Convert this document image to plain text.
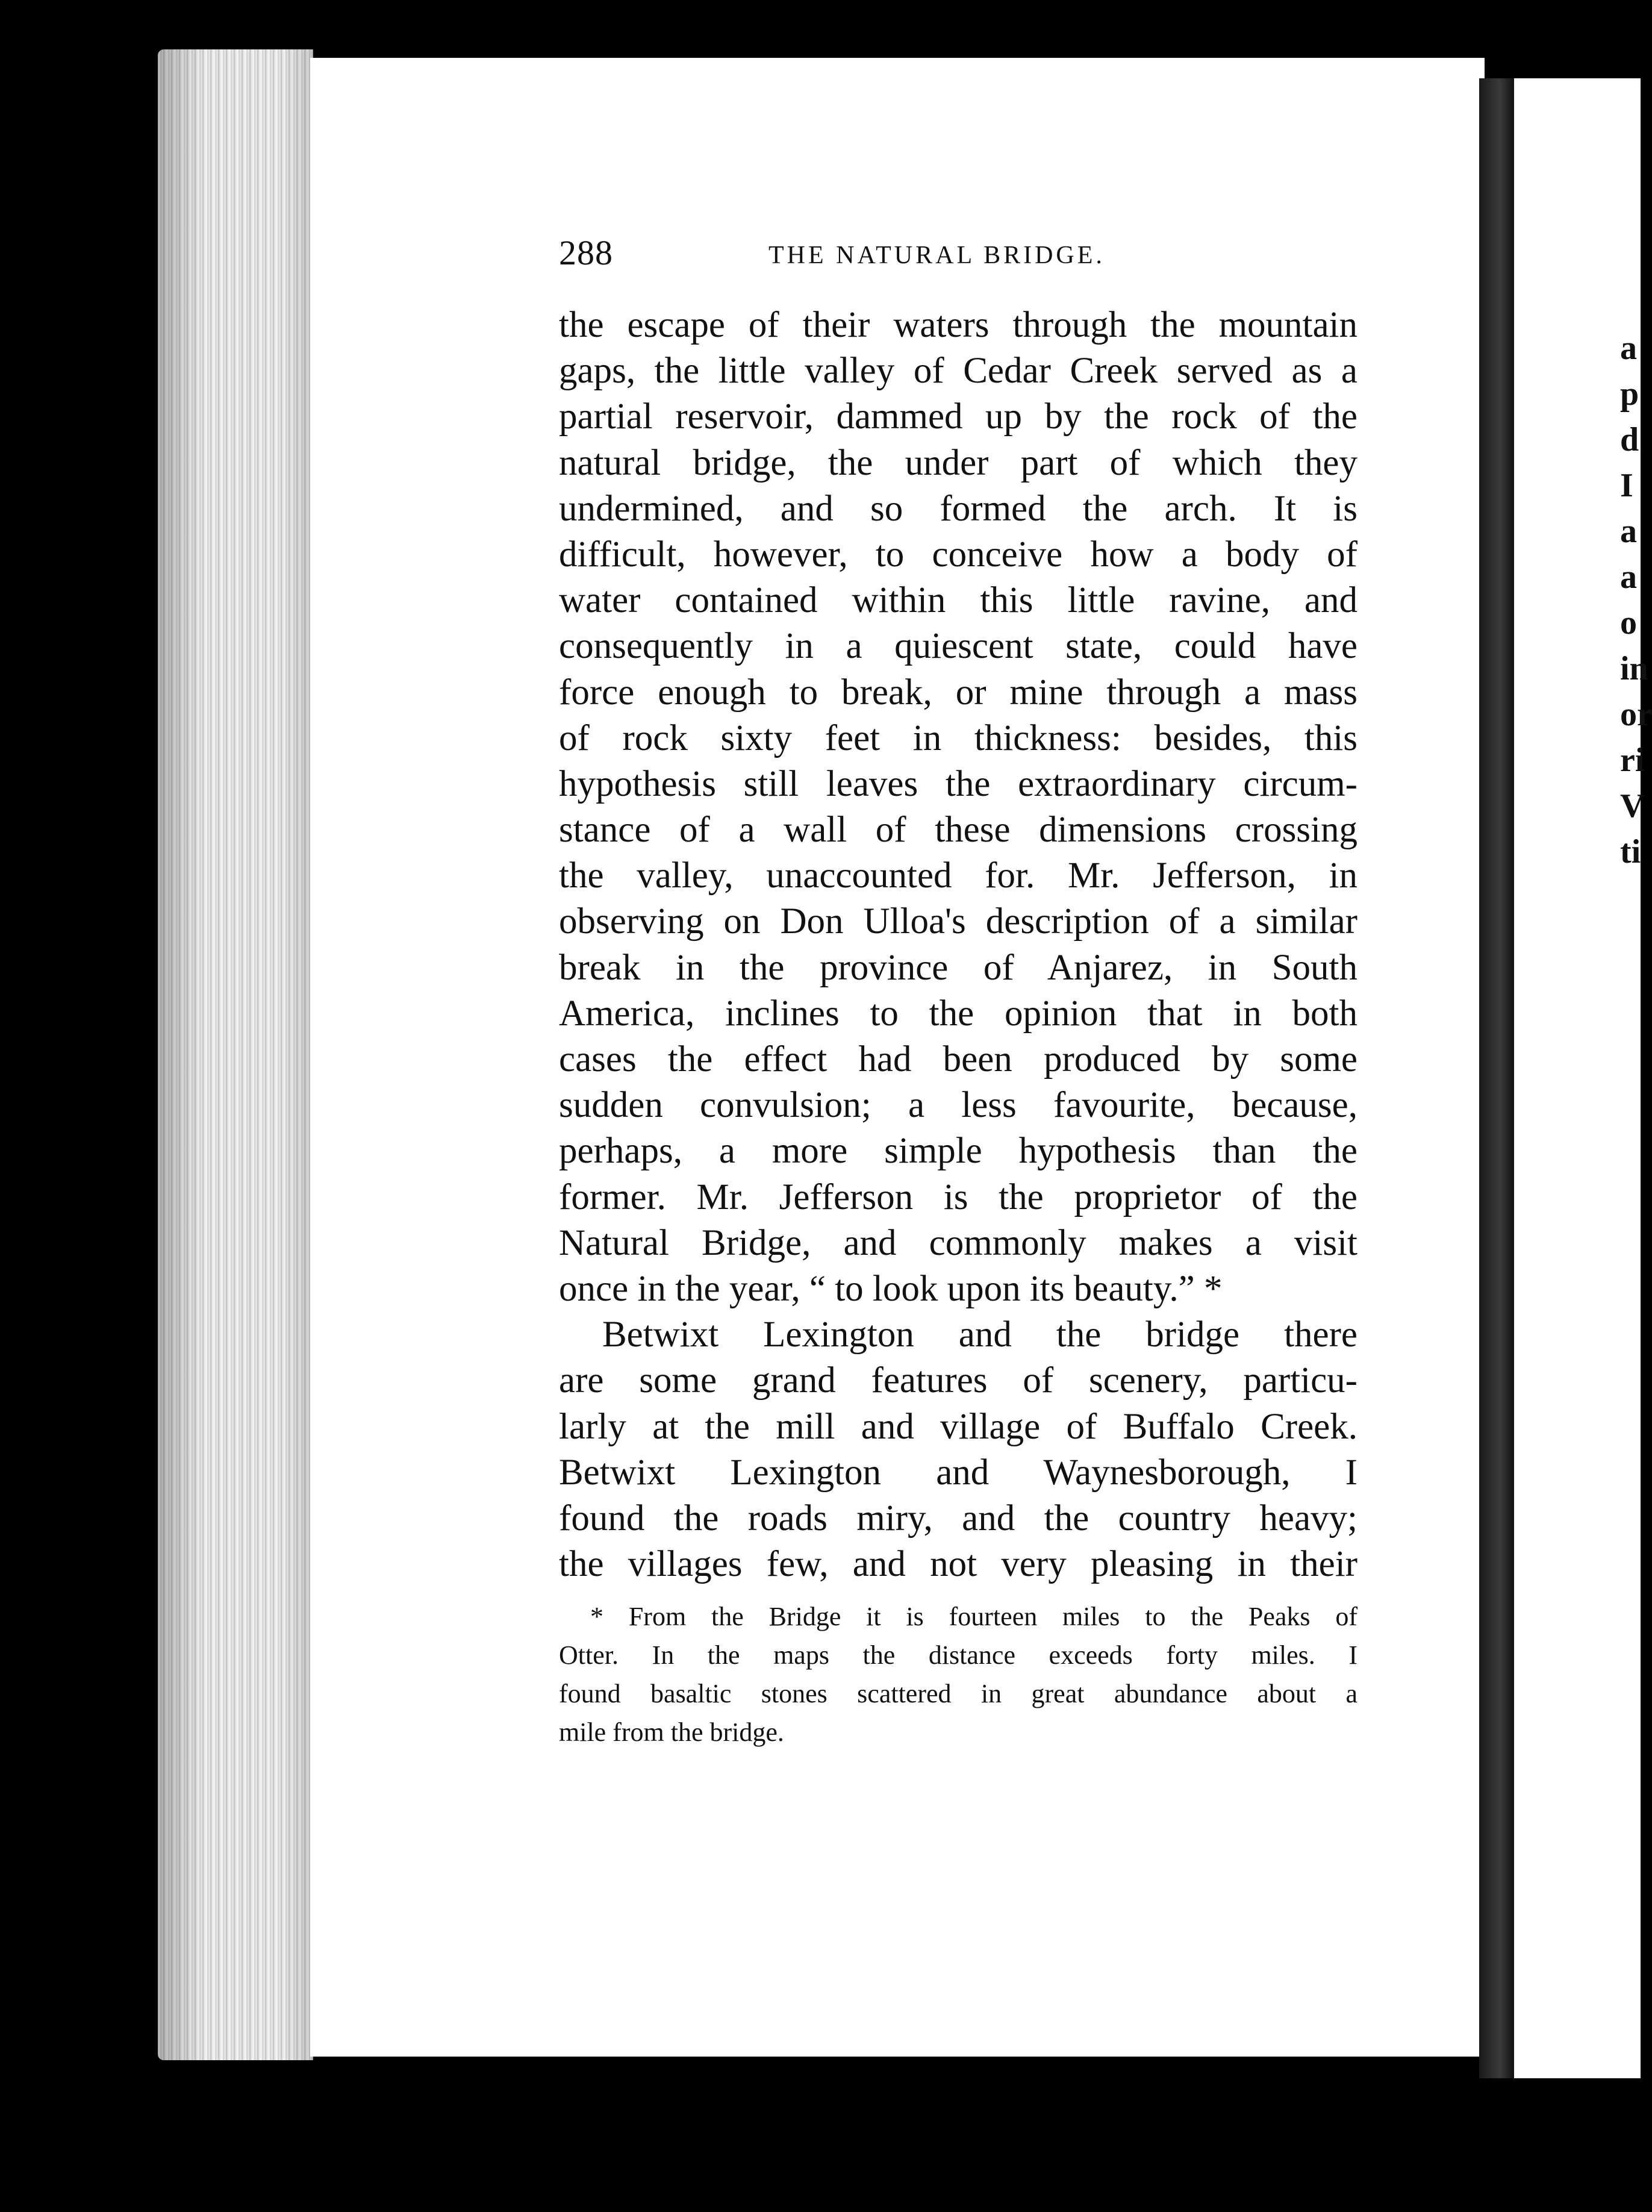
288	THE NATURAL BRIDGE.
the escape of their waters through the mountain
gaps, the little valley of Cedar Creek served as a
partial reservoir, dammed up by the rock of the
natural bridge, the under part of which they
undermined, and so formed the arch. It is
difficult, however, to conceive how a body of
water contained within this little ravine, and
consequently in a quiescent state, could have
force enough to break, or mine through a mass
of rock sixty feet in thickness: besides, this
hypothesis still leaves the extraordinary circum-
stance of a wall of these dimensions crossing
the valley, unaccounted for. Mr. Jefferson, in
observing on Don Ulloa's description of a similar
break in the province of Anjarez, in South
America, inclines to the opinion that in both
cases the effect had been produced by some
sudden convulsion; a less favourite, because,
perhaps, a more simple hypothesis than the
former. Mr. Jefferson is the proprietor of the
Natural Bridge, and commonly makes a visit
once in the year, “ to look upon its beauty.” *
Betwixt Lexington and the bridge there
are some grand features of scenery, particu-
larly at the mill and village of Buffalo Creek.
Betwixt Lexington and Waynesborough, I
found the roads miry, and the country heavy;
the villages few, and not very pleasing in their
* From the Bridge it is fourteen miles to the Peaks of
Otter. In the maps the distance exceeds forty miles. I
found basaltic stones scattered in great abundance about a
mile from the bridge.
a
p
d
I
a
a
o
in
or
ri
V
ti
